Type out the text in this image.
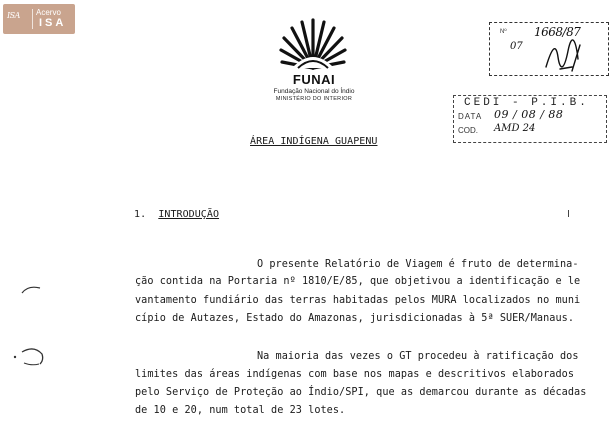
ISA Acervo
ISA
FUNAI
Fundação Nacional do Índio
MINISTÉRIO DO INTERIOR
Nº 1668/87
07
CEDI - P.I.B.
DATA 09 / 08 / 88
COD. AMD 24
ÁREA INDÍGENA GUAPENU
1. INTRODUÇÃO
O presente Relatório de Viagem é fruto de determina-
ção contida na Portaria nº 1810/E/85, que objetivou a identificação e le
vantamento fundiário das terras habitadas pelos MURA localizados no muni
cípio de Autazes, Estado do Amazonas, jurisdicionadas à 5ª SUER/Manaus.
Na maioria das vezes o GT procedeu à ratificação dos
limites das áreas indígenas com base nos mapas e descritivos elaborados
pelo Serviço de Proteção ao Índio/SPI, que as demarcou durante as décadas
de 10 e 20, num total de 23 lotes.
